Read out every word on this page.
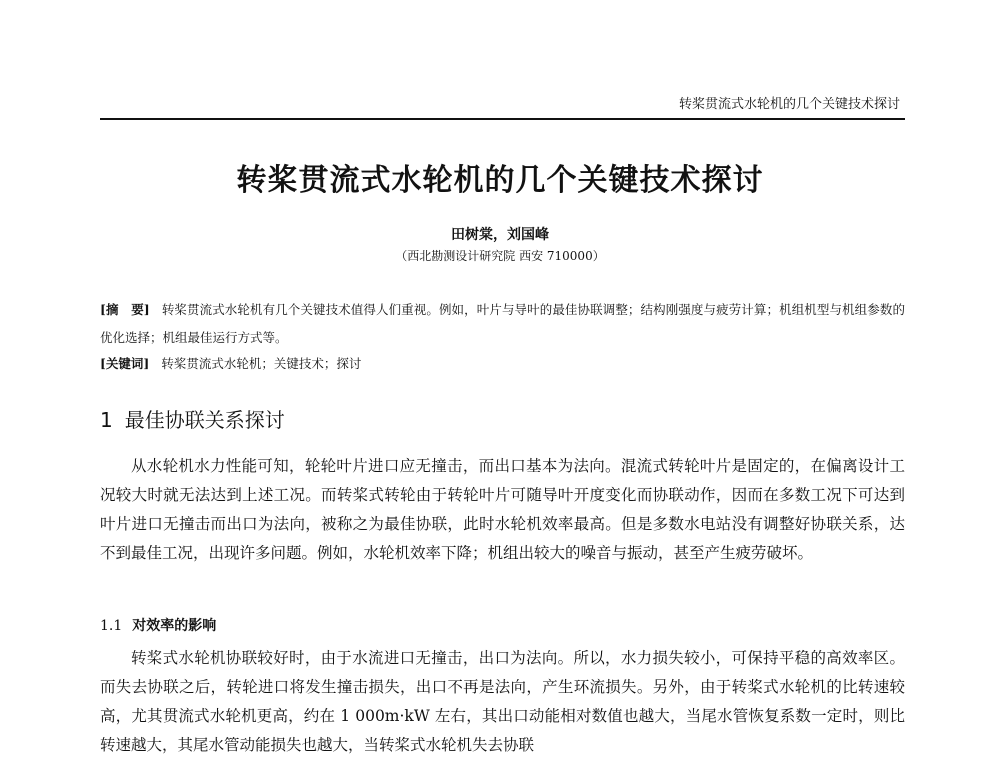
转桨贯流式水轮机的几个关键技术探讨
转桨贯流式水轮机的几个关键技术探讨
田树棠，刘国峰
（西北勘测设计研究院 西安 710000）
[摘　要] 转桨贯流式水轮机有几个关键技术值得人们重视。例如，叶片与导叶的最佳协联调整；结构刚强度与疲劳计算；机组机型与机组参数的优化选择；机组最佳运行方式等。
[关键词] 转桨贯流式水轮机；关键技术；探讨
1 最佳协联关系探讨

从水轮机水力性能可知，轮轮叶片进口应无撞击，而出口基本为法向。混流式转轮叶片是固定的，在偏离设计工况较大时就无法达到上述工况。而转桨式转轮由于转轮叶片可随导叶开度变化而协联动作，因而在多数工况下可达到叶片进口无撞击而出口为法向，被称之为最佳协联，此时水轮机效率最高。但是多数水电站没有调整好协联关系，达不到最佳工况，出现许多问题。例如，水轮机效率下降；机组出较大的噪音与振动，甚至产生疲劳破坏。

1.1 对效率的影响

转桨式水轮机协联较好时，由于水流进口无撞击，出口为法向。所以，水力损失较小，可保持平稳的高效率区。而失去协联之后，转轮进口将发生撞击损失，出口不再是法向，产生环流损失。另外，由于转桨式水轮机的比转速较高，尤其贯流式水轮机更高，约在 1 000m·kW 左右，其出口动能相对数值也越大，当尾水管恢复系数一定时，则比转速越大，其尾水管动能损失也越大，当转桨式水轮机失去协联
